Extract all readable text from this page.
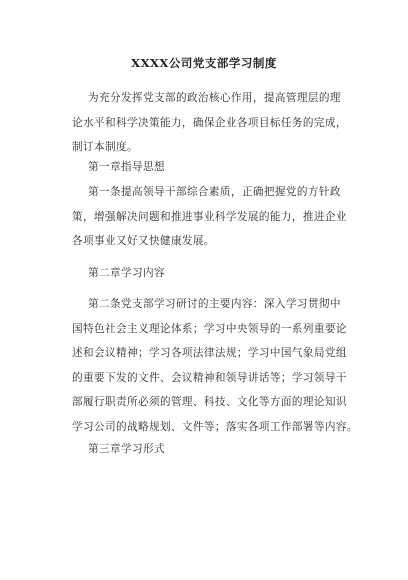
XXXX公司党支部学习制度
为充分发挥党支部的政治核心作用，提高管理层的理
论水平和科学决策能力，确保企业各项目标任务的完成，
制订本制度。
第一章指导思想
第一条提高领导干部综合素质，正确把握党的方针政
策，增强解决问题和推进事业科学发展的能力，推进企业
各项事业又好又快健康发展。
第二章学习内容
第二条党支部学习研讨的主要内容：深入学习贯彻中
国特色社会主义理论体系；学习中央领导的一系列重要论
述和会议精神；学习各项法律法规；学习中国气象局党组
的重要下发的文件、会议精神和领导讲话等；学习领导干
部履行职责所必须的管理、科技、文化等方面的理论知识
学习公司的战略规划、文件等；落实各项工作部署等内容。
第三章学习形式
